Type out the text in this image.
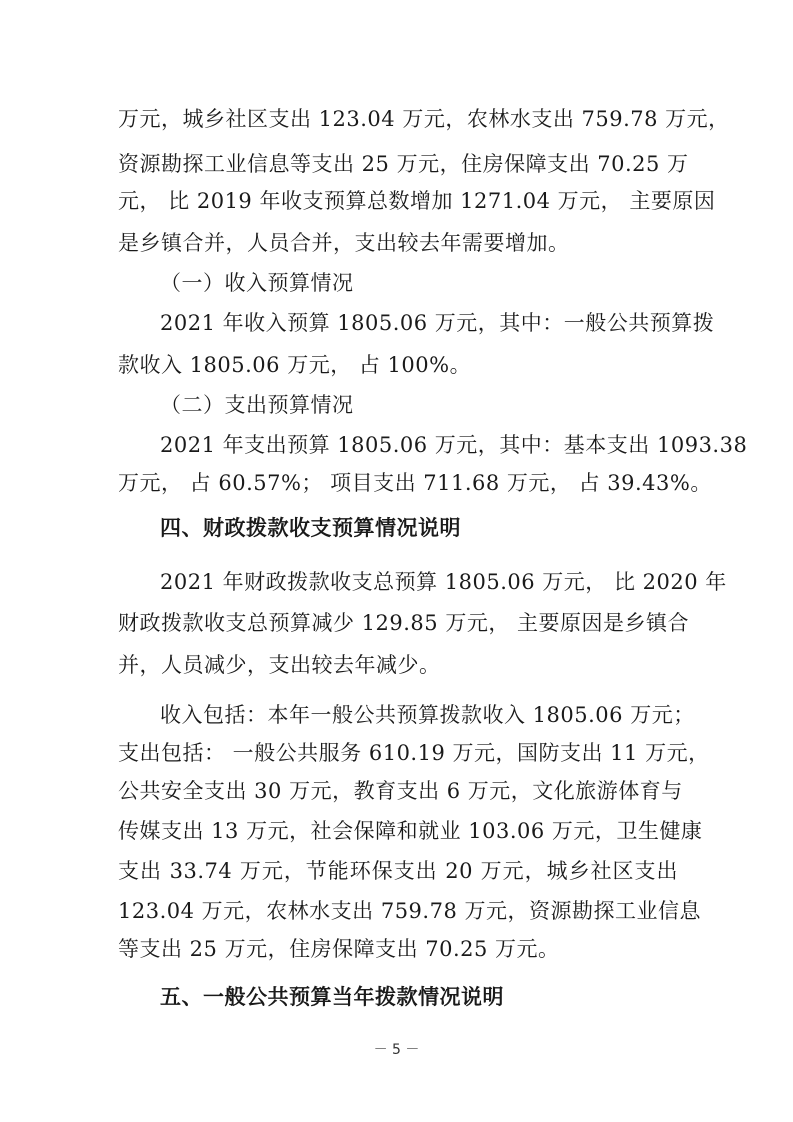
万元，城乡社区支出 123.04 万元，农林水支出 759.78 万元，
资源勘探工业信息等支出 25 万元，住房保障支出 70.25 万
元， 比 2019 年收支预算总数增加 1271.04 万元， 主要原因
是乡镇合并，人员合并，支出较去年需要增加。
（一）收入预算情况
2021 年收入预算 1805.06 万元，其中：一般公共预算拨
款收入 1805.06 万元， 占 100%。
（二）支出预算情况
2021 年支出预算 1805.06 万元，其中：基本支出 1093.38
万元， 占 60.57%； 项目支出 711.68 万元， 占 39.43%。
四、财政拨款收支预算情况说明
2021 年财政拨款收支总预算 1805.06 万元， 比 2020 年
财政拨款收支总预算减少 129.85 万元， 主要原因是乡镇合
并，人员减少，支出较去年减少。
收入包括：本年一般公共预算拨款收入 1805.06 万元；
支出包括： 一般公共服务 610.19 万元，国防支出 11 万元，
公共安全支出 30 万元，教育支出 6 万元，文化旅游体育与
传媒支出 13 万元，社会保障和就业 103.06 万元，卫生健康
支出 33.74 万元，节能环保支出 20 万元，城乡社区支出
123.04 万元，农林水支出 759.78 万元，资源勘探工业信息
等支出 25 万元，住房保障支出 70.25 万元。
五、一般公共预算当年拨款情况说明
－ 5 －
